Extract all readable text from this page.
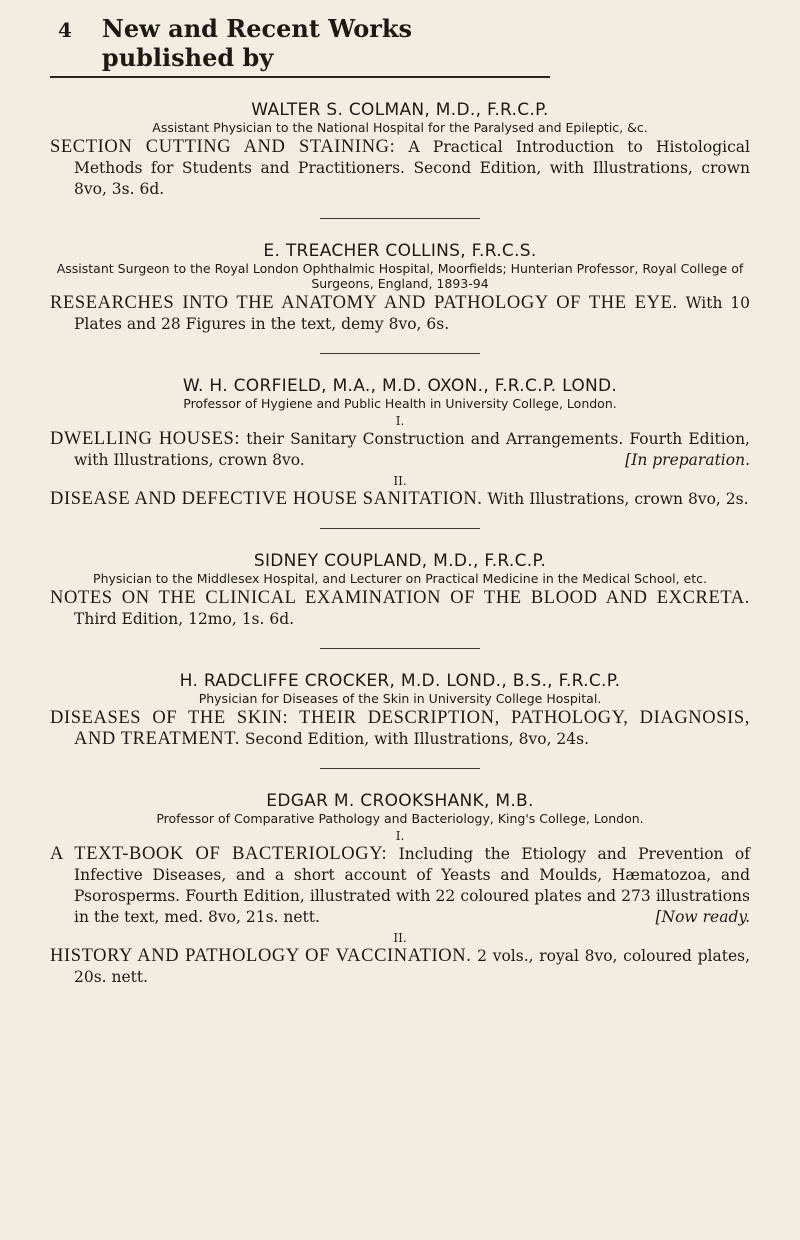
4 New and Recent Works published by
WALTER S. COLMAN, M.D., F.R.C.P.
Assistant Physician to the National Hospital for the Paralysed and Epileptic, &c.
SECTION CUTTING AND STAINING: A Practical Introduction to Histological Methods for Students and Practitioners. Second Edition, with Illustrations, crown 8vo, 3s. 6d.
E. TREACHER COLLINS, F.R.C.S.
Assistant Surgeon to the Royal London Ophthalmic Hospital, Moorfields; Hunterian Professor, Royal College of Surgeons, England, 1893-94
RESEARCHES INTO THE ANATOMY AND PATHOLOGY OF THE EYE. With 10 Plates and 28 Figures in the text, demy 8vo, 6s.
W. H. CORFIELD, M.A., M.D. OXON., F.R.C.P. LOND.
Professor of Hygiene and Public Health in University College, London.
I.
DWELLING HOUSES: their Sanitary Construction and Arrangements. Fourth Edition, with Illustrations, crown 8vo.	[In preparation.
II.
DISEASE AND DEFECTIVE HOUSE SANITATION. With Illustrations, crown 8vo, 2s.
SIDNEY COUPLAND, M.D., F.R.C.P.
Physician to the Middlesex Hospital, and Lecturer on Practical Medicine in the Medical School, etc.
NOTES ON THE CLINICAL EXAMINATION OF THE BLOOD AND EXCRETA. Third Edition, 12mo, 1s. 6d.
H. RADCLIFFE CROCKER, M.D. LOND., B.S., F.R.C.P.
Physician for Diseases of the Skin in University College Hospital.
DISEASES OF THE SKIN: THEIR DESCRIPTION, PATHOLOGY, DIAGNOSIS, AND TREATMENT. Second Edition, with Illustrations, 8vo, 24s.
EDGAR M. CROOKSHANK, M.B.
Professor of Comparative Pathology and Bacteriology, King's College, London.
I.
A TEXT-BOOK OF BACTERIOLOGY: Including the Etiology and Prevention of Infective Diseases, and a short account of Yeasts and Moulds, Hæmatozoa, and Psorosperms. Fourth Edition, illustrated with 22 coloured plates and 273 illustrations in the text, med. 8vo, 21s. nett.	[Now ready.
II.
HISTORY AND PATHOLOGY OF VACCINATION. 2 vols., royal 8vo, coloured plates, 20s. nett.
